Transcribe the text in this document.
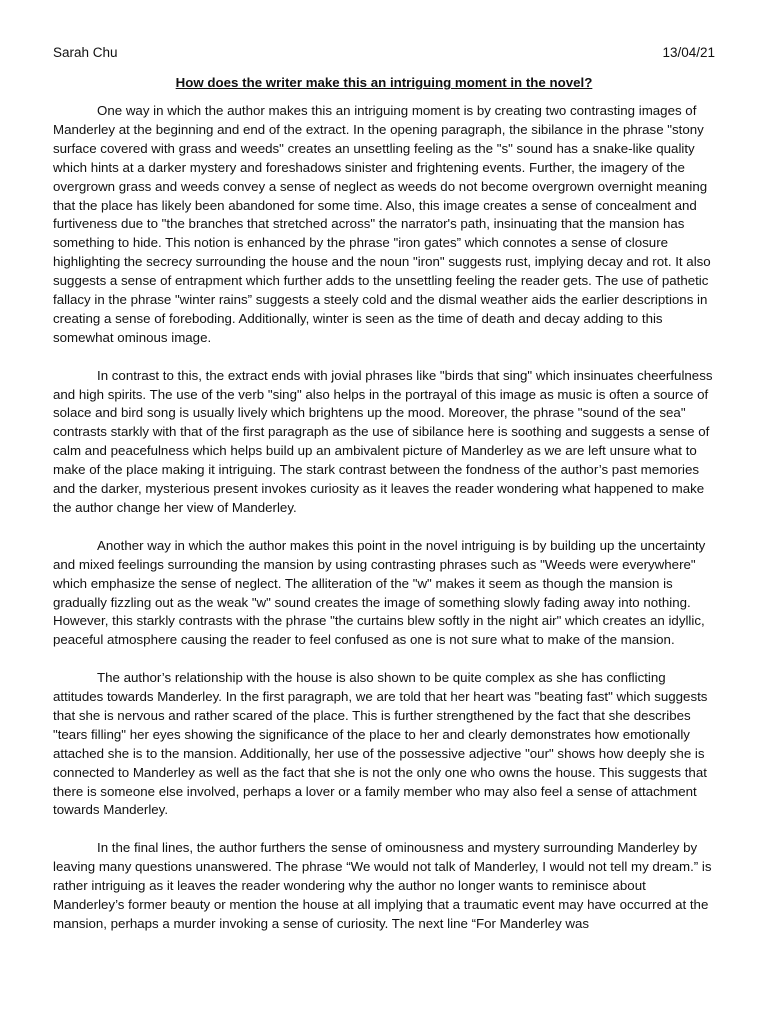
Sarah Chu	13/04/21
How does the writer make this an intriguing moment in the novel?

One way in which the author makes this an intriguing moment is by creating two contrasting images of Manderley at the beginning and end of the extract. In the opening paragraph, the sibilance in the phrase "stony surface covered with grass and weeds" creates an unsettling feeling as the "s" sound has a snake-like quality which hints at a darker mystery and foreshadows sinister and frightening events. Further, the imagery of the overgrown grass and weeds convey a sense of neglect as weeds do not become overgrown overnight meaning that the place has likely been abandoned for some time. Also, this image creates a sense of concealment and furtiveness due to "the branches that stretched across" the narrator's path, insinuating that the mansion has something to hide. This notion is enhanced by the phrase "iron gates” which connotes a sense of closure highlighting the secrecy surrounding the house and the noun "iron" suggests rust, implying decay and rot. It also suggests a sense of entrapment which further adds to the unsettling feeling the reader gets. The use of pathetic fallacy in the phrase "winter rains” suggests a steely cold and the dismal weather aids the earlier descriptions in creating a sense of foreboding. Additionally, winter is seen as the time of death and decay adding to this somewhat ominous image.

In contrast to this, the extract ends with jovial phrases like "birds that sing" which insinuates cheerfulness and high spirits. The use of the verb "sing" also helps in the portrayal of this image as music is often a source of solace and bird song is usually lively which brightens up the mood. Moreover, the phrase "sound of the sea" contrasts starkly with that of the first paragraph as the use of sibilance here is soothing and suggests a sense of calm and peacefulness which helps build up an ambivalent picture of Manderley as we are left unsure what to make of the place making it intriguing. The stark contrast between the fondness of the author’s past memories and the darker, mysterious present invokes curiosity as it leaves the reader wondering what happened to make the author change her view of Manderley.

Another way in which the author makes this point in the novel intriguing is by building up the uncertainty and mixed feelings surrounding the mansion by using contrasting phrases such as "Weeds were everywhere" which emphasize the sense of neglect. The alliteration of the "w" makes it seem as though the mansion is gradually fizzling out as the weak "w" sound creates the image of something slowly fading away into nothing. However, this starkly contrasts with the phrase "the curtains blew softly in the night air" which creates an idyllic, peaceful atmosphere causing the reader to feel confused as one is not sure what to make of the mansion.

The author’s relationship with the house is also shown to be quite complex as she has conflicting attitudes towards Manderley. In the first paragraph, we are told that her heart was "beating fast" which suggests that she is nervous and rather scared of the place. This is further strengthened by the fact that she describes "tears filling" her eyes showing the significance of the place to her and clearly demonstrates how emotionally attached she is to the mansion. Additionally, her use of the possessive adjective "our" shows how deeply she is connected to Manderley as well as the fact that she is not the only one who owns the house. This suggests that there is someone else involved, perhaps a lover or a family member who may also feel a sense of attachment towards Manderley.

In the final lines, the author furthers the sense of ominousness and mystery surrounding Manderley by leaving many questions unanswered. The phrase “We would not talk of Manderley, I would not tell my dream.” is rather intriguing as it leaves the reader wondering why the author no longer wants to reminisce about Manderley’s former beauty or mention the house at all implying that a traumatic event may have occurred at the mansion, perhaps a murder invoking a sense of curiosity. The next line “For Manderley was
